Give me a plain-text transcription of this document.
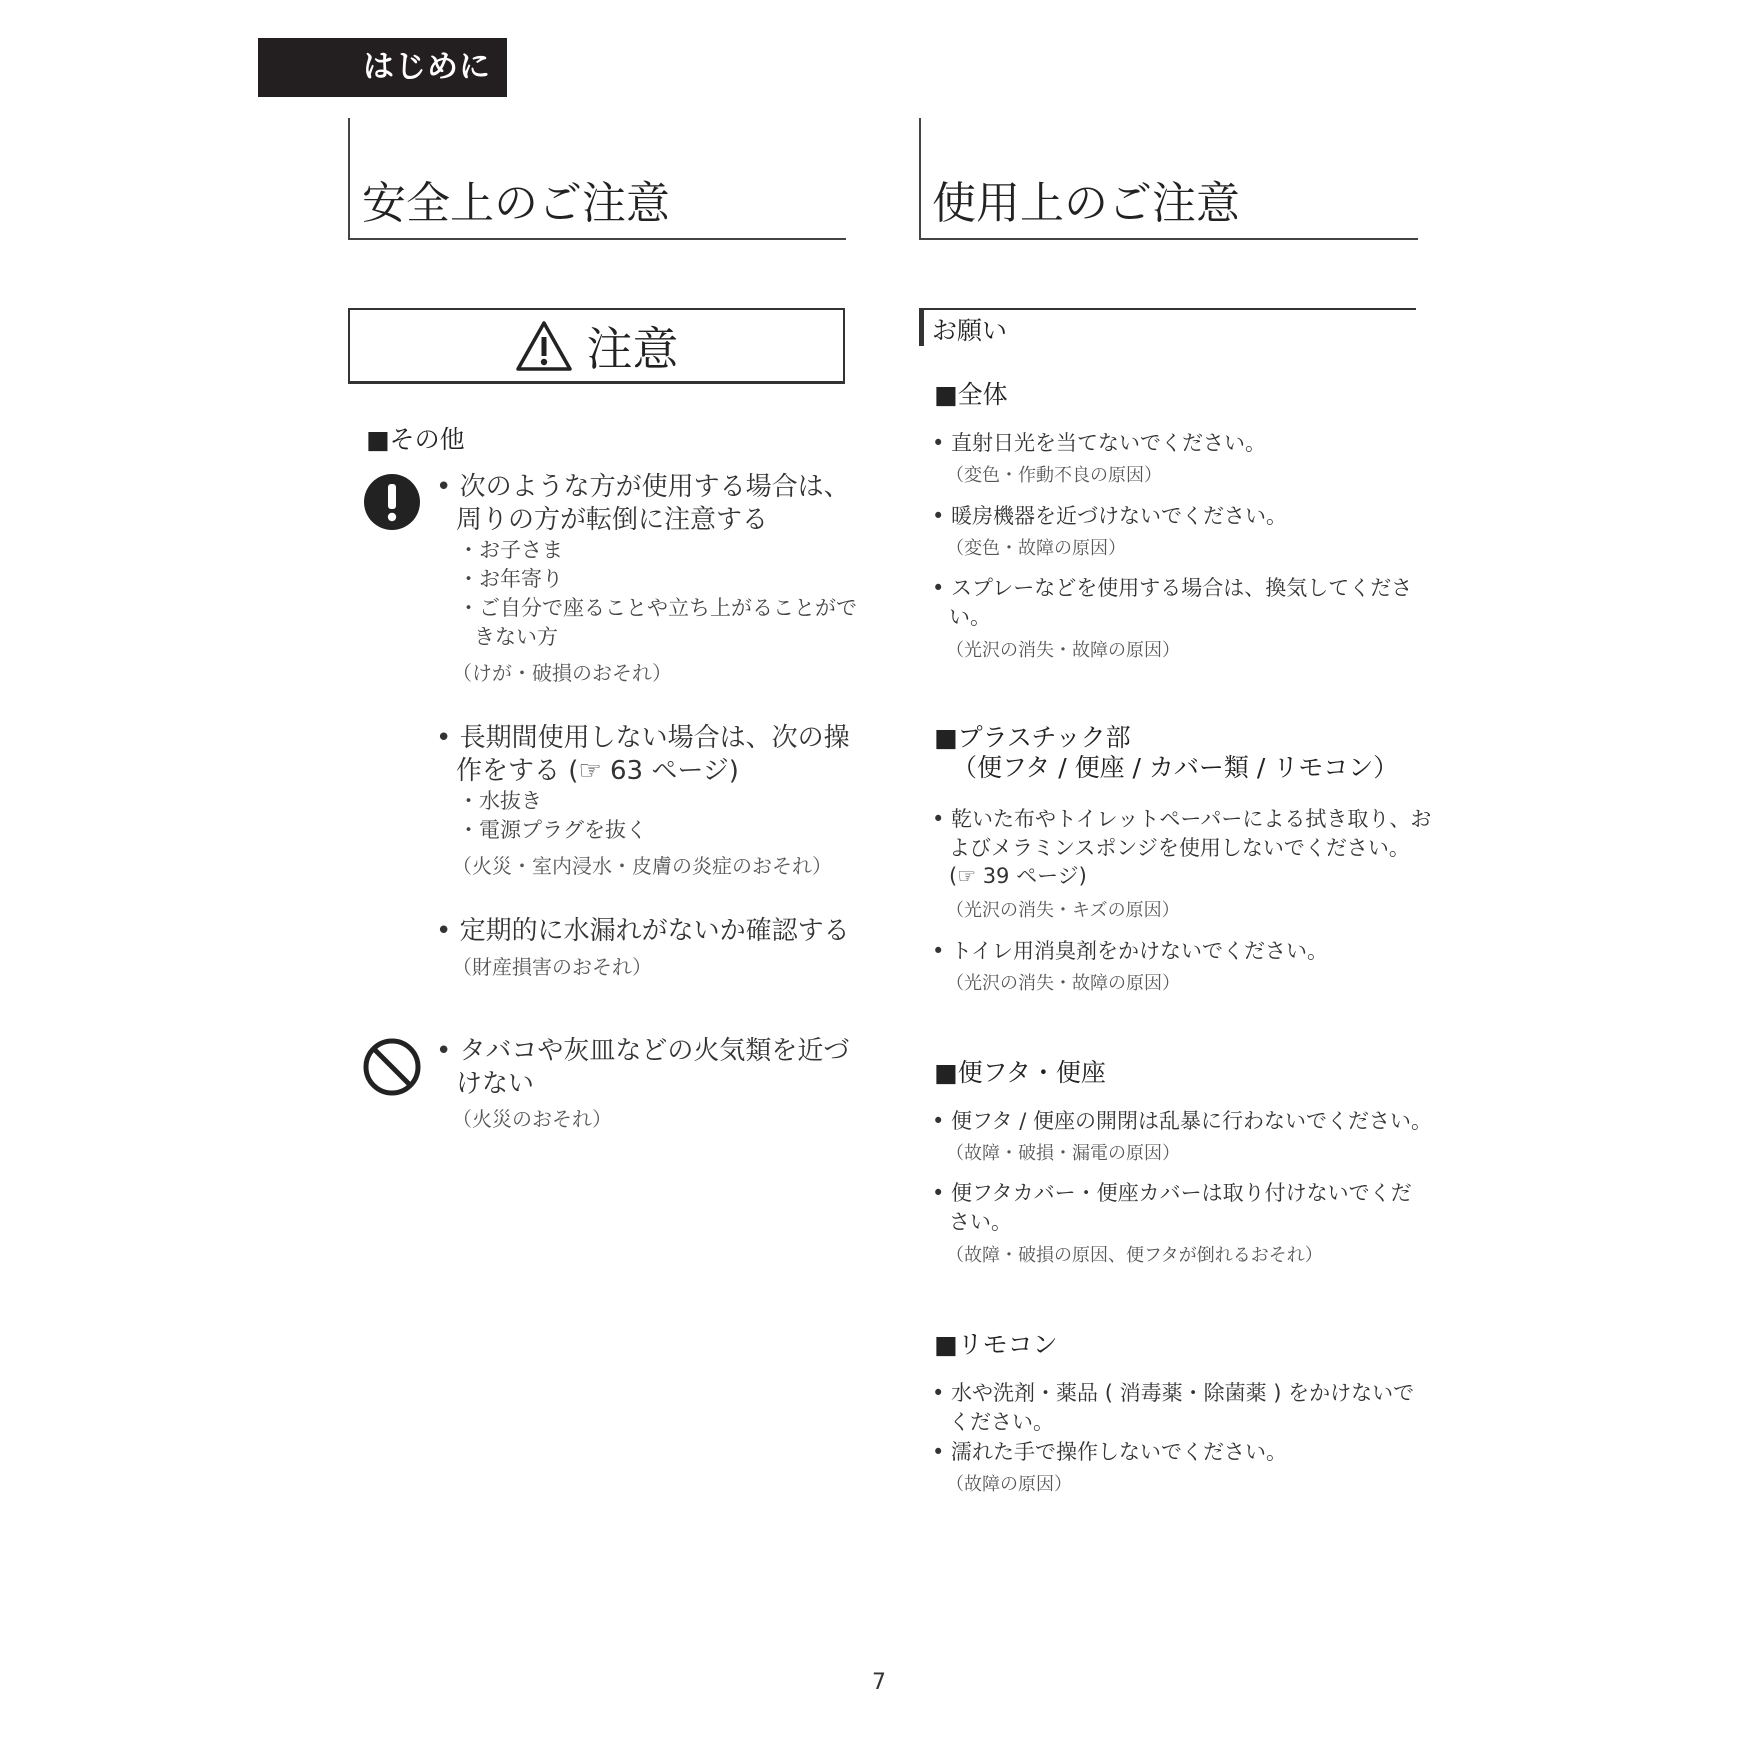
はじめに
安全上のご注意	使用上のご注意
注意
■その他
• 次のような方が使用する場合は、
周りの方が転倒に注意する
・お子さま
・お年寄り
・ご自分で座ることや立ち上がることがで
きない方
（けが・破損のおそれ）
• 長期間使用しない場合は、次の操
作をする (☞ 63 ページ)
・水抜き
・電源プラグを抜く
（火災・室内浸水・皮膚の炎症のおそれ）
• 定期的に水漏れがないか確認する
（財産損害のおそれ）
• タバコや灰皿などの火気類を近づ
けない
（火災のおそれ）
お願い
■全体
• 直射日光を当てないでください。
（変色・作動不良の原因）
• 暖房機器を近づけないでください。
（変色・故障の原因）
• スプレーなどを使用する場合は、換気してくださ
い。
（光沢の消失・故障の原因）
■プラスチック部
（便フタ / 便座 / カバー類 / リモコン）
• 乾いた布やトイレットペーパーによる拭き取り、お
よびメラミンスポンジを使用しないでください。
(☞ 39 ページ)
（光沢の消失・キズの原因）
• トイレ用消臭剤をかけないでください。
（光沢の消失・故障の原因）
■便フタ・便座
• 便フタ / 便座の開閉は乱暴に行わないでください。
（故障・破損・漏電の原因）
• 便フタカバー・便座カバーは取り付けないでくだ
さい。
（故障・破損の原因、便フタが倒れるおそれ）
■リモコン
• 水や洗剤・薬品 ( 消毒薬・除菌薬 ) をかけないで
ください。
• 濡れた手で操作しないでください。
（故障の原因）
7
